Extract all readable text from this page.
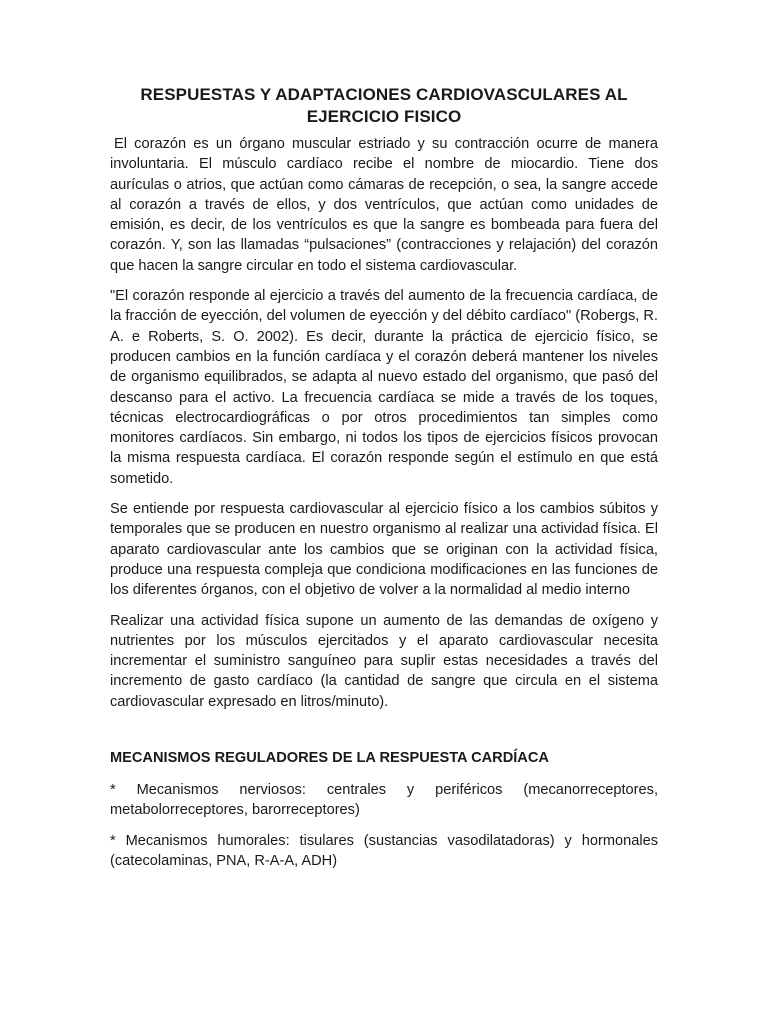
RESPUESTAS Y ADAPTACIONES CARDIOVASCULARES AL
EJERCICIO FISICO

El corazón es un órgano muscular estriado y su contracción ocurre de manera involuntaria. El músculo cardíaco recibe el nombre de miocardio. Tiene dos aurículas o atrios, que actúan como cámaras de recepción, o sea, la sangre accede al corazón a través de ellos, y dos ventrículos, que actúan como unidades de emisión, es decir, de los ventrículos es que la sangre es bombeada para fuera del corazón. Y, son las llamadas “pulsaciones” (contracciones y relajación) del corazón que hacen la sangre circular en todo el sistema cardiovascular.

"El corazón responde al ejercicio a través del aumento de la frecuencia cardíaca, de la fracción de eyección, del volumen de eyección y del débito cardíaco" (Robergs, R. A. e Roberts, S. O. 2002). Es decir, durante la práctica de ejercicio físico, se producen cambios en la función cardíaca y el corazón deberá mantener los niveles de organismo equilibrados, se adapta al nuevo estado del organismo, que pasó del descanso para el activo. La frecuencia cardíaca se mide a través de los toques, técnicas electrocardiográficas o por otros procedimientos tan simples como monitores cardíacos. Sin embargo, ni todos los tipos de ejercicios físicos provocan la misma respuesta cardíaca. El corazón responde según el estímulo en que está sometido.

Se entiende por respuesta cardiovascular al ejercicio físico a los cambios súbitos y temporales que se producen en nuestro organismo al realizar una actividad física. El aparato cardiovascular ante los cambios que se originan con la actividad física, produce una respuesta compleja que condiciona modificaciones en las funciones de los diferentes órganos, con el objetivo de volver a la normalidad al medio interno

Realizar una actividad física supone un aumento de las demandas de oxígeno y nutrientes por los músculos ejercitados y el aparato cardiovascular necesita incrementar el suministro sanguíneo para suplir estas necesidades a través del incremento de gasto cardíaco (la cantidad de sangre que circula en el sistema cardiovascular expresado en litros/minuto).

MECANISMOS REGULADORES DE LA RESPUESTA CARDÍACA

* Mecanismos nerviosos: centrales y periféricos (mecanorreceptores, metabolorreceptores, barorreceptores)

* Mecanismos humorales: tisulares (sustancias vasodilatadoras) y hormonales (catecolaminas, PNA, R-A-A, ADH)
